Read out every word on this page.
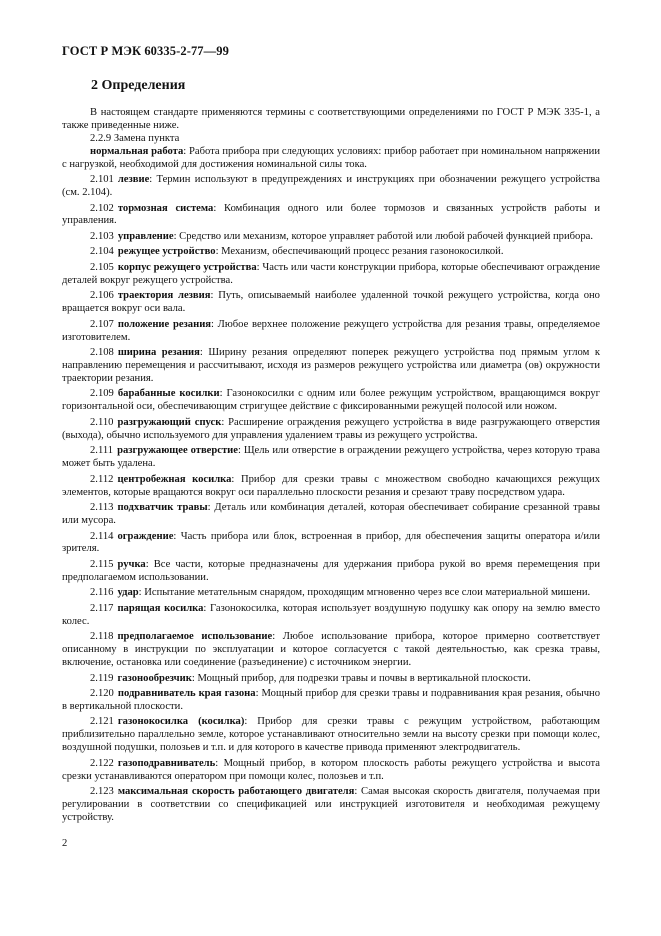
ГОСТ Р МЭК 60335-2-77—99
2 Определения

В настоящем стандарте применяются термины с соответствующими определениями по ГОСТ Р МЭК 335-1, а также приведенные ниже.

2.2.9 Замена пункта

нормальная работа: Работа прибора при следующих условиях: прибор работает при номинальном напряжении с нагрузкой, необходимой для достижения номинальной силы тока.

2.101 лезвие: Термин используют в предупреждениях и инструкциях при обозначении режущего устройства (см. 2.104).

2.102 тормозная система: Комбинация одного или более тормозов и связанных устройств работы и управления.

2.103 управление: Средство или механизм, которое управляет работой или любой рабочей функцией прибора.

2.104 режущее устройство: Механизм, обеспечивающий процесс резания газонокосилкой.

2.105 корпус режущего устройства: Часть или части конструкции прибора, которые обеспечивают ограждение деталей вокруг режущего устройства.

2.106 траектория лезвия: Путь, описываемый наиболее удаленной точкой режущего устройства, когда оно вращается вокруг оси вала.

2.107 положение резания: Любое верхнее положение режущего устройства для резания травы, определяемое изготовителем.

2.108 ширина резания: Ширину резания определяют поперек режущего устройства под прямым углом к направлению перемещения и рассчитывают, исходя из размеров режущего устройства или диаметра (ов) окружности траектории резания.

2.109 барабанные косилки: Газонокосилки с одним или более режущим устройством, вращающимся вокруг горизонтальной оси, обеспечивающим стригущее действие с фиксированными режущей полосой или ножом.

2.110 разгружающий спуск: Расширение ограждения режущего устройства в виде разгружающего отверстия (выхода), обычно используемого для управления удалением травы из режущего устройства.

2.111 разгружающее отверстие: Щель или отверстие в ограждении режущего устройства, через которую трава может быть удалена.

2.112 центробежная косилка: Прибор для срезки травы с множеством свободно качающихся режущих элементов, которые вращаются вокруг оси параллельно плоскости резания и срезают траву посредством удара.

2.113 подхватчик травы: Деталь или комбинация деталей, которая обеспечивает собирание срезанной травы или мусора.

2.114 ограждение: Часть прибора или блок, встроенная в прибор, для обеспечения защиты оператора и/или зрителя.

2.115 ручка: Все части, которые предназначены для удержания прибора рукой во время перемещения при предполагаемом использовании.

2.116 удар: Испытание метательным снарядом, проходящим мгновенно через все слои материальной мишени.

2.117 парящая косилка: Газонокосилка, которая использует воздушную подушку как опору на землю вместо колес.

2.118 предполагаемое использование: Любое использование прибора, которое примерно соответствует описанному в инструкции по эксплуатации и которое согласуется с такой деятельностью, как срезка травы, включение, остановка или соединение (разъединение) с источником энергии.

2.119 газонообрезчик: Мощный прибор, для подрезки травы и почвы в вертикальной плоскости.

2.120 подравниватель края газона: Мощный прибор для срезки травы и подравнивания края резания, обычно в вертикальной плоскости.

2.121 газонокосилка (косилка): Прибор для срезки травы с режущим устройством, работающим приблизительно параллельно земле, которое устанавливают относительно земли на высоту срезки при помощи колес, воздушной подушки, полозьев и т.п. и для которого в качестве привода применяют электродвигатель.

2.122 газоподравниватель: Мощный прибор, в котором плоскость работы режущего устройства и высота срезки устанавливаются оператором при помощи колес, полозьев и т.п.

2.123 максимальная скорость работающего двигателя: Самая высокая скорость двигателя, получаемая при регулировании в соответствии со спецификацией или инструкцией изготовителя и необходимая режущему устройству.

2
